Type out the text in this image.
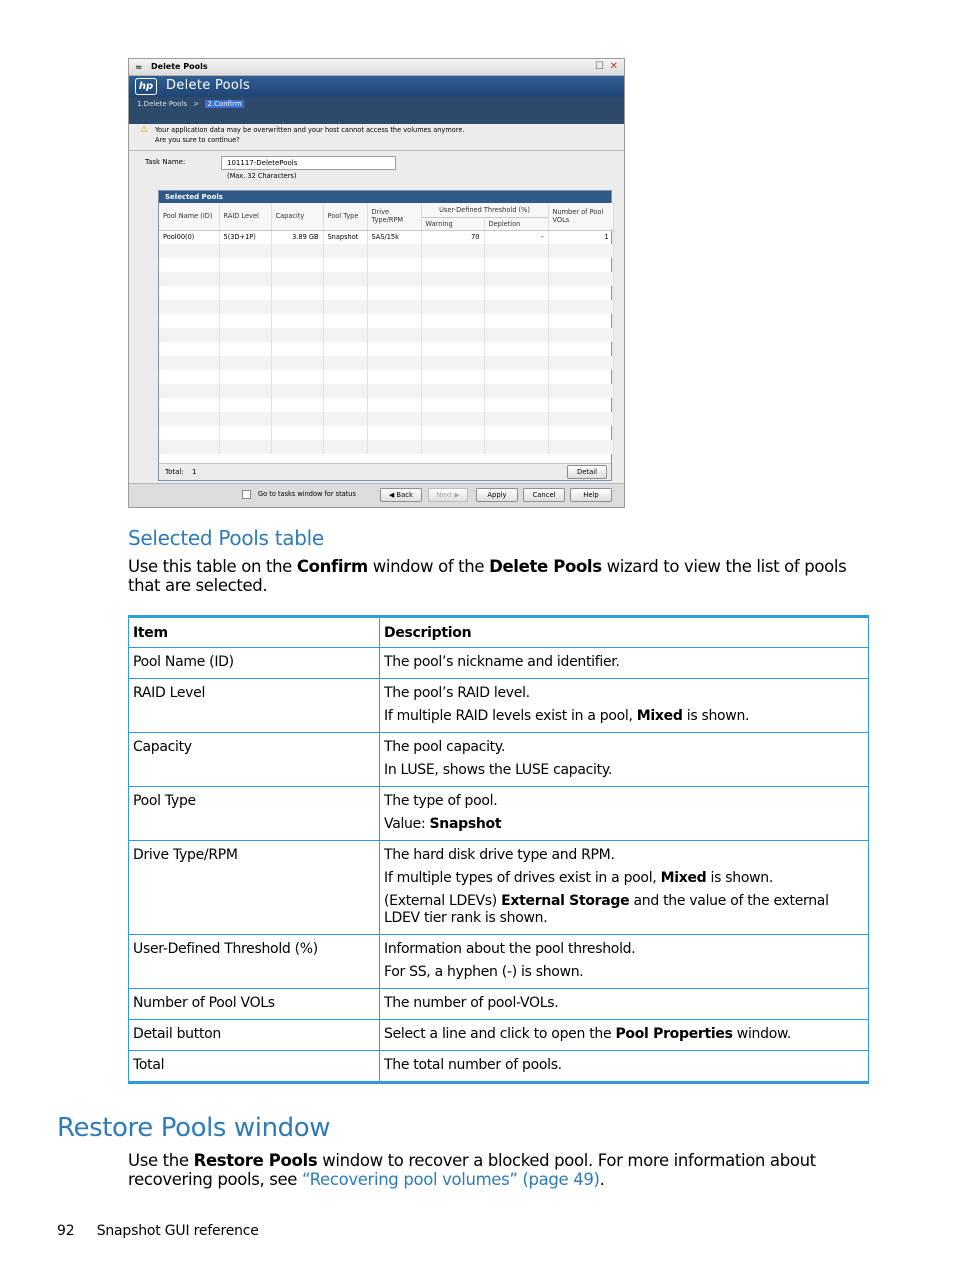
≈ Delete Pools	☐ ✕
hp Delete Pools
1.Delete Pools > 2.Confirm
⚠ Your application data may be overwritten and your host cannot access the volumes anymore.
Are you sure to continue?
Task Name:	101117-DeletePools
(Max. 32 Characters)
Selected Pools
Pool Name (ID)	RAID Level	Capacity	Pool Type	Drive Type/RPM	User-Defined Threshold (%)		Number of Pool VOLs
					Warning	Depletion	
Pool00(0)	5(3D+1P)	3.89 GB	Snapshot	SAS/15k	70	-	1

Total: 1	Detail
Go to tasks window for status	◀ Back	Next ▶	Apply	Cancel	Help
Selected Pools table

Use this table on the Confirm window of the Delete Pools wizard to view the list of pools that are selected.

Item	Description
Pool Name (ID)	The pool’s nickname and identifier.
RAID Level	The pool’s RAID level.

If multiple RAID levels exist in a pool, Mixed is shown.

Capacity	The pool capacity.

In LUSE, shows the LUSE capacity.

Pool Type	The type of pool.

Value: Snapshot

Drive Type/RPM	The hard disk drive type and RPM.

If multiple types of drives exist in a pool, Mixed is shown.

(External LDEVs) External Storage and the value of the external LDEV tier rank is shown.

User-Defined Threshold (%)	Information about the pool threshold.

For SS, a hyphen (-) is shown.

Number of Pool VOLs	The number of pool-VOLs.
Detail button	Select a line and click to open the Pool Properties window.
Total	The total number of pools.
Restore Pools window

Use the Restore Pools window to recover a blocked pool. For more information about recovering pools, see “Recovering pool volumes” (page 49).

92 Snapshot GUI reference
